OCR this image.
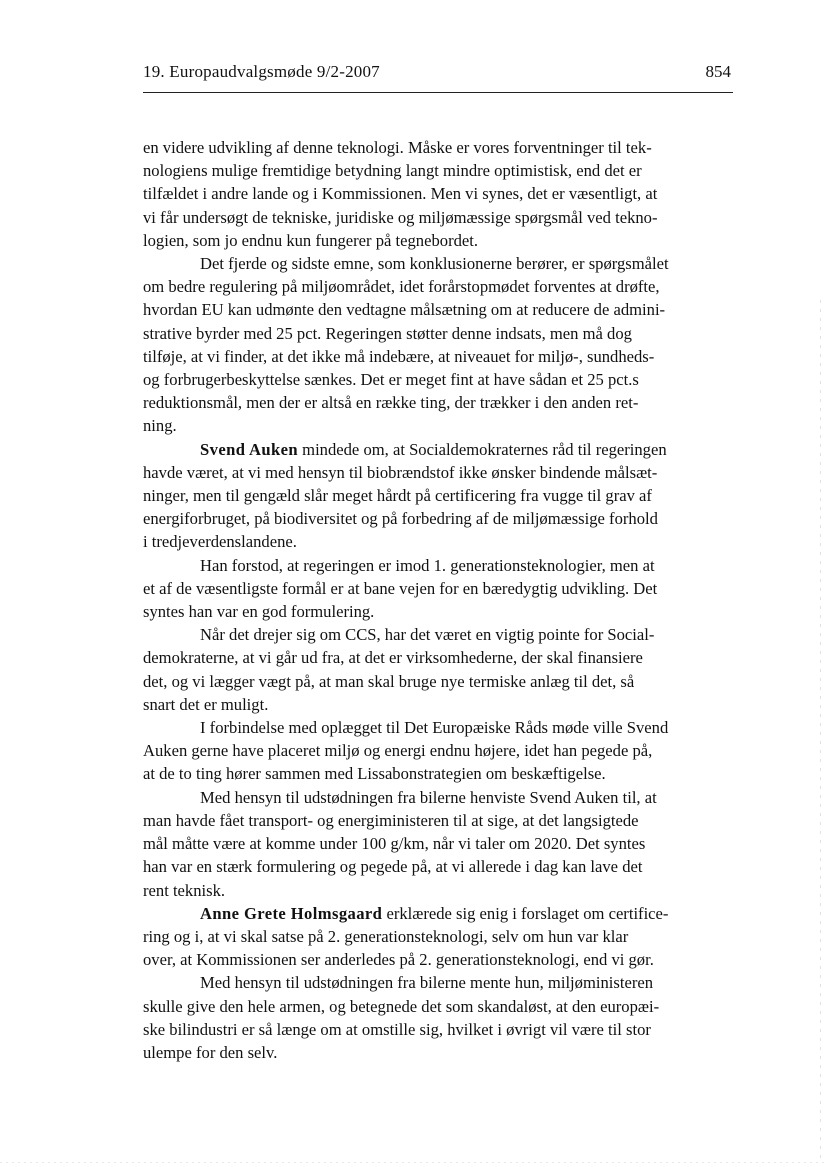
19. Europaudvalgsmøde 9/2-2007	854

en videre udvikling af denne teknologi. Måske er vores forventninger til tek-
nologiens mulige fremtidige betydning langt mindre optimistisk, end det er
tilfældet i andre lande og i Kommissionen. Men vi synes, det er væsentligt, at
vi får undersøgt de tekniske, juridiske og miljømæssige spørgsmål ved tekno-
logien, som jo endnu kun fungerer på tegnebordet.

Det fjerde og sidste emne, som konklusionerne berører, er spørgsmålet
om bedre regulering på miljøområdet, idet forårstopmødet forventes at drøfte,
hvordan EU kan udmønte den vedtagne målsætning om at reducere de admini-
strative byrder med 25 pct. Regeringen støtter denne indsats, men må dog
tilføje, at vi finder, at det ikke må indebære, at niveauet for miljø-, sundheds-
og forbrugerbeskyttelse sænkes. Det er meget fint at have sådan et 25 pct.s
reduktionsmål, men der er altså en række ting, der trækker i den anden ret-
ning.

Svend Auken mindede om, at Socialdemokraternes råd til regeringen
havde været, at vi med hensyn til biobrændstof ikke ønsker bindende målsæt-
ninger, men til gengæld slår meget hårdt på certificering fra vugge til grav af
energiforbruget, på biodiversitet og på forbedring af de miljømæssige forhold
i tredjeverdenslandene.

Han forstod, at regeringen er imod 1. generationsteknologier, men at
et af de væsentligste formål er at bane vejen for en bæredygtig udvikling. Det
syntes han var en god formulering.

Når det drejer sig om CCS, har det været en vigtig pointe for Social-
demokraterne, at vi går ud fra, at det er virksomhederne, der skal finansiere
det, og vi lægger vægt på, at man skal bruge nye termiske anlæg til det, så
snart det er muligt.

I forbindelse med oplægget til Det Europæiske Råds møde ville Svend
Auken gerne have placeret miljø og energi endnu højere, idet han pegede på,
at de to ting hører sammen med Lissabonstrategien om beskæftigelse.

Med hensyn til udstødningen fra bilerne henviste Svend Auken til, at
man havde fået transport- og energiministeren til at sige, at det langsigtede
mål måtte være at komme under 100 g/km, når vi taler om 2020. Det syntes
han var en stærk formulering og pegede på, at vi allerede i dag kan lave det
rent teknisk.

Anne Grete Holmsgaard erklærede sig enig i forslaget om certifice-
ring og i, at vi skal satse på 2. generationsteknologi, selv om hun var klar
over, at Kommissionen ser anderledes på 2. generationsteknologi, end vi gør.

Med hensyn til udstødningen fra bilerne mente hun, miljøministeren
skulle give den hele armen, og betegnede det som skandaløst, at den europæi-
ske bilindustri er så længe om at omstille sig, hvilket i øvrigt vil være til stor
ulempe for den selv.
